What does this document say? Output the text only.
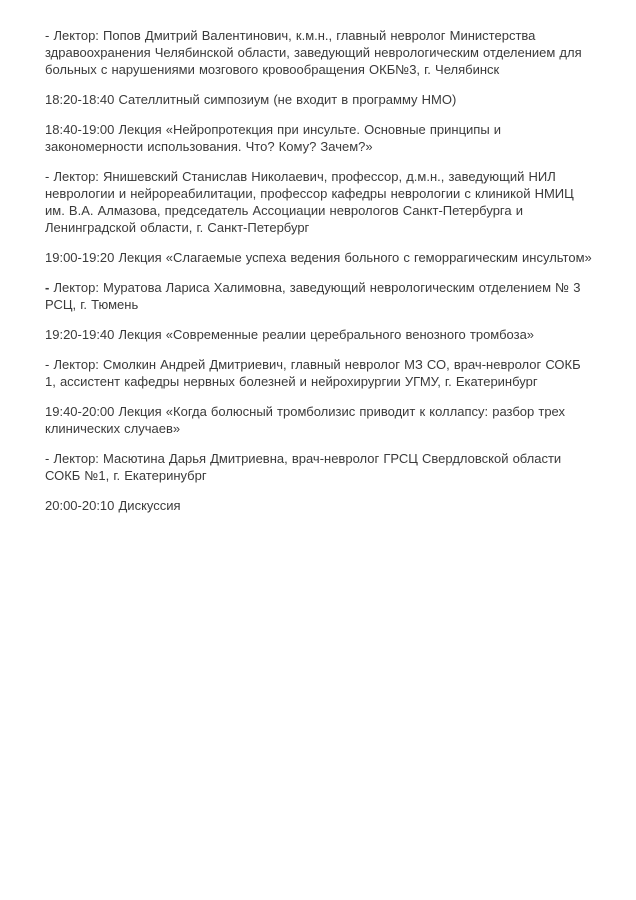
- Лектор: Попов Дмитрий Валентинович, к.м.н., главный невролог Министерства здравоохранения Челябинской области, заведующий неврологическим отделением для больных с нарушениями мозгового кровообращения ОКБ№3, г. Челябинск

18:20-18:40 Сателлитный симпозиум (не входит в программу НМО)

18:40-19:00 Лекция «Нейропротекция при инсульте. Основные принципы и закономерности использования. Что? Кому? Зачем?»

- Лектор: Янишевский Станислав Николаевич, профессор, д.м.н., заведующий НИЛ неврологии и нейрореабилитации, профессор кафедры неврологии с клиникой НМИЦ им. В.А. Алмазова, председатель Ассоциации неврологов Санкт-Петербурга и Ленинградской области, г. Санкт-Петербург

19:00-19:20 Лекция «Слагаемые успеха ведения больного с геморрагическим инсультом»

- Лектор: Муратова Лариса Халимовна, заведующий неврологическим отделением № 3 РСЦ, г. Тюмень

19:20-19:40 Лекция «Современные реалии церебрального венозного тромбоза»

- Лектор: Смолкин Андрей Дмитриевич, главный невролог МЗ СО, врач-невролог СОКБ 1, ассистент кафедры нервных болезней и нейрохирургии УГМУ, г. Екатеринбург

19:40-20:00 Лекция «Когда болюсный тромболизис приводит к коллапсу: разбор трех клинических случаев»

- Лектор: Масютина Дарья Дмитриевна, врач-невролог ГРСЦ Свердловской области СОКБ №1, г. Екатеринубрг

20:00-20:10 Дискуссия
